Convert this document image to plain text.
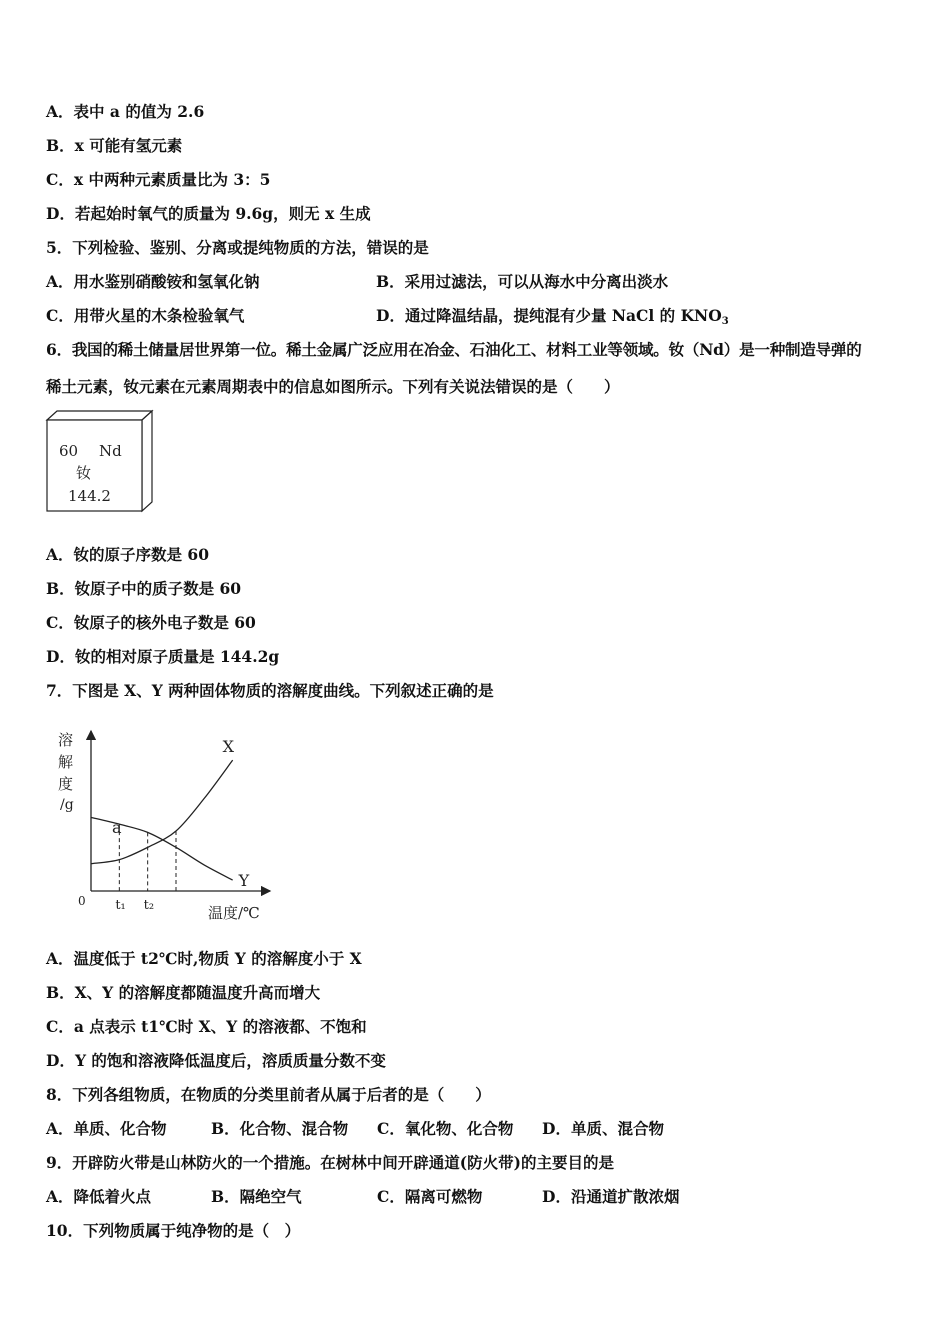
A．表中 a 的值为 2.6
B．x 可能有氢元素
C．x 中两种元素质量比为 3：5
D．若起始时氧气的质量为 9.6g，则无 x 生成
5．下列检验、鉴别、分离或提纯物质的方法，错误的是
A．用水鉴别硝酸铵和氢氧化钠	B．采用过滤法，可以从海水中分离出淡水
C．用带火星的木条检验氧气	D．通过降温结晶，提纯混有少量 NaCl 的 $KNO_3$
6．我国的稀土储量居世界第一位。稀土金属广泛应用在冶金、石油化工、材料工业等领域。钕（Nd）是一种制造导弹的
稀土元素，钕元素在元素周期表中的信息如图所示。下列有关说法错误的是（　　）
60 Nd
钕
144.2
A．钕的原子序数是 60
B．钕原子中的质子数是 60
C．钕原子的核外电子数是 60
D．钕的相对原子质量是 144.2g
7．下图是 X、Y 两种固体物质的溶解度曲线。下列叙述正确的是
溶
解
度
/g
0
温度/℃
X
Y
t₁ t₂
a
A．温度低于 t2℃时,物质 Y 的溶解度小于 X
B．X、Y 的溶解度都随温度升高而增大
C．a 点表示 t1℃时 X、Y 的溶液都、不饱和
D．Y 的饱和溶液降低温度后，溶质质量分数不变
8．下列各组物质，在物质的分类里前者从属于后者的是（　　）
A．单质、化合物	B．化合物、混合物 C．氧化物、化合物 D．单质、混合物
9．开辟防火带是山林防火的一个措施。在树林中间开辟通道(防火带)的主要目的是
A．降低着火点	B．隔绝空气	C．隔离可燃物	D．沿通道扩散浓烟
10．下列物质属于纯净物的是（　）
